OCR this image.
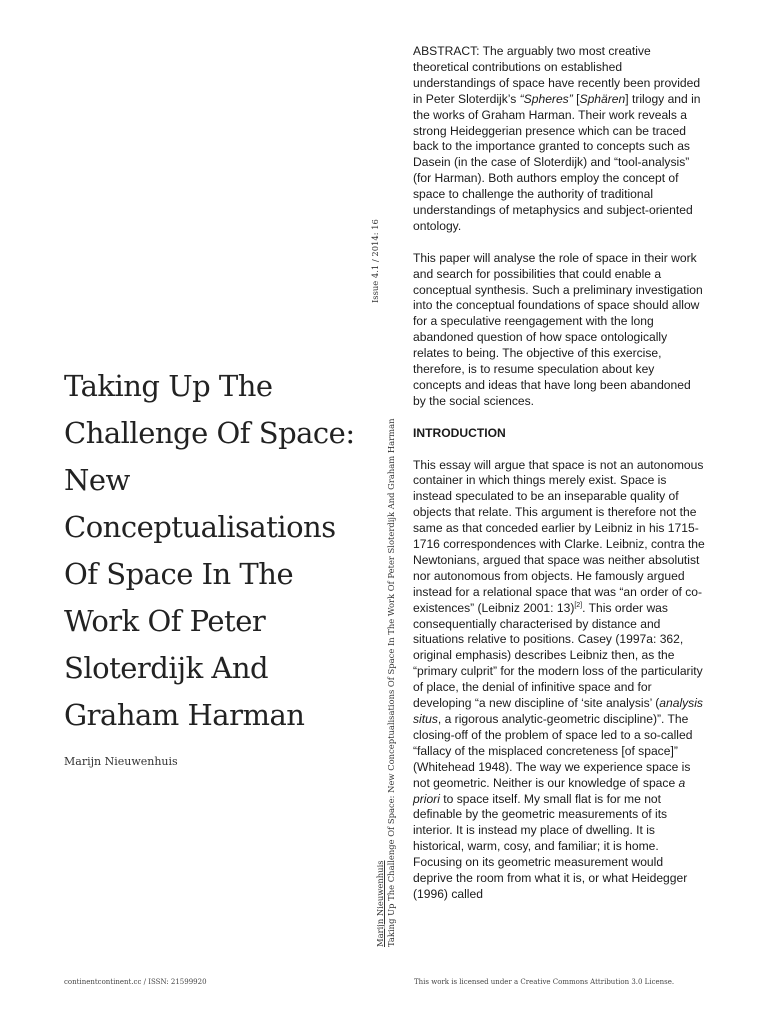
Taking Up The
Challenge Of Space:
New
Conceptualisations
Of Space In The
Work Of Peter
Sloterdijk And
Graham Harman
Marijn Nieuwenhuis
Issue 4.1 / 2014: 16
Marijn Nieuwenhuis Taking Up The Challenge Of Space: New Conceptualisations Of Space In The Work Of Peter Sloterdijk And Graham Harman

ABSTRACT: The arguably two most creative theoretical contributions on established understandings of space have recently been provided in Peter Sloterdijk’s “Spheres” [Sphären] trilogy and in the works of Graham Harman. Their work reveals a strong Heideggerian presence which can be traced back to the importance granted to concepts such as Dasein (in the case of Sloterdijk) and “tool-analysis” (for Harman). Both authors employ the concept of space to challenge the authority of traditional understandings of metaphysics and subject-oriented ontology.

This paper will analyse the role of space in their work and search for possibilities that could enable a conceptual synthesis. Such a preliminary investigation into the conceptual foundations of space should allow for a speculative reengagement with the long abandoned question of how space ontologically relates to being. The objective of this exercise, therefore, is to resume speculation about key concepts and ideas that have long been abandoned by the social sciences.

INTRODUCTION

This essay will argue that space is not an autonomous container in which things merely exist. Space is instead speculated to be an inseparable quality of objects that relate. This argument is therefore not the same as that conceded earlier by Leibniz in his 1715-1716 correspondences with Clarke. Leibniz, contra the Newtonians, argued that space was neither absolutist nor autonomous from objects. He famously argued instead for a relational space that was “an order of co-existences” (Leibniz 2001: 13)[2]. This order was consequentially characterised by distance and situations relative to positions. Casey (1997a: 362, original emphasis) describes Leibniz then, as the “primary culprit” for the modern loss of the particularity of place, the denial of infinitive space and for developing “a new discipline of ‘site analysis’ (analysis situs, a rigorous analytic-geometric discipline)”. The closing-off of the problem of space led to a so-called “fallacy of the misplaced concreteness [of space]” (Whitehead 1948). The way we experience space is not geometric. Neither is our knowledge of space a priori to space itself. My small flat is for me not definable by the geometric measurements of its interior. It is instead my place of dwelling. It is historical, warm, cosy, and familiar; it is home. Focusing on its geometric measurement would deprive the room from what it is, or what Heidegger (1996) called

continentcontinent.cc / ISSN: 21599920	This work is licensed under a Creative Commons Attribution 3.0 License.
